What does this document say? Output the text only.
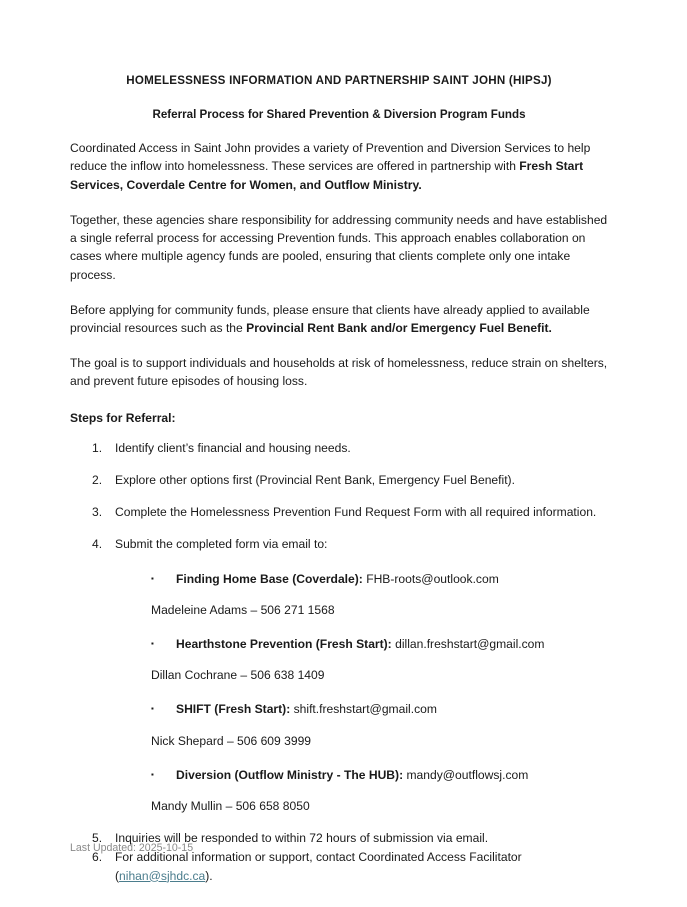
HOMELESSNESS INFORMATION AND PARTNERSHIP SAINT JOHN (HIPSJ)
Referral Process for Shared Prevention & Diversion Program Funds

Coordinated Access in Saint John provides a variety of Prevention and Diversion Services to help reduce the inflow into homelessness. These services are offered in partnership with Fresh Start Services, Coverdale Centre for Women, and Outflow Ministry.

Together, these agencies share responsibility for addressing community needs and have established a single referral process for accessing Prevention funds. This approach enables collaboration on cases where multiple agency funds are pooled, ensuring that clients complete only one intake process.

Before applying for community funds, please ensure that clients have already applied to available provincial resources such as the Provincial Rent Bank and/or Emergency Fuel Benefit.

The goal is to support individuals and households at risk of homelessness, reduce strain on shelters, and prevent future episodes of housing loss.

Steps for Referral:
1.	Identify client’s financial and housing needs.
2.	Explore other options first (Provincial Rent Bank, Emergency Fuel Benefit).
3.	Complete the Homelessness Prevention Fund Request Form with all required information.
4.	Submit the completed form via email to:
▪ Finding Home Base (Coverdale): FHB-roots@outlook.com
Madeleine Adams – 506 271 1568
▪ Hearthstone Prevention (Fresh Start): dillan.freshstart@gmail.com
Dillan Cochrane – 506 638 1409
▪ SHIFT (Fresh Start): shift.freshstart@gmail.com
Nick Shepard – 506 609 3999
▪ Diversion (Outflow Ministry - The HUB): mandy@outflowsj.com
Mandy Mullin – 506 658 8050
5.	Inquiries will be responded to within 72 hours of submission via email.
6.	For additional information or support, contact Coordinated Access Facilitator (nihan@sjhdc.ca).
Last Updated: 2025-10-15
